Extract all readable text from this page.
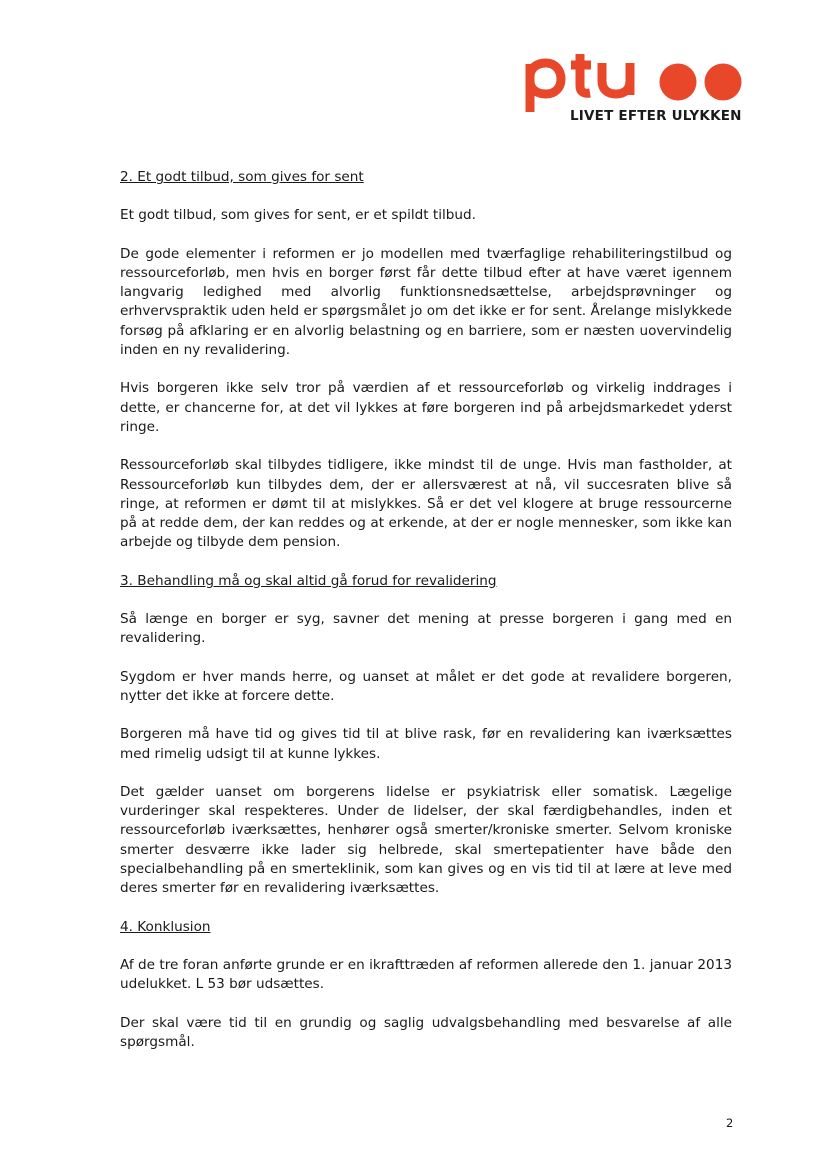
LIVET EFTER ULYKKEN
2. Et godt tilbud, som gives for sent

Et godt tilbud, som gives for sent, er et spildt tilbud.

De gode elementer i reformen er jo modellen med tværfaglige rehabiliteringstilbud og ressourceforløb, men hvis en borger først får dette tilbud efter at have været igennem langvarig ledighed med alvorlig funktionsnedsættelse, arbejdsprøvninger og erhvervspraktik uden held er spørgsmålet jo om det ikke er for sent. Årelange mislykkede forsøg på afklaring er en alvorlig belastning og en barriere, som er næsten uovervindelig inden en ny revalidering.

Hvis borgeren ikke selv tror på værdien af et ressourceforløb og virkelig inddrages i dette, er chancerne for, at det vil lykkes at føre borgeren ind på arbejdsmarkedet yderst ringe.

Ressourceforløb skal tilbydes tidligere, ikke mindst til de unge. Hvis man fastholder, at Ressourceforløb kun tilbydes dem, der er allersværest at nå, vil succesraten blive så ringe, at reformen er dømt til at mislykkes. Så er det vel klogere at bruge ressourcerne på at redde dem, der kan reddes og at erkende, at der er nogle mennesker, som ikke kan arbejde og tilbyde dem pension.

3. Behandling må og skal altid gå forud for revalidering

Så længe en borger er syg, savner det mening at presse borgeren i gang med en revalidering.

Sygdom er hver mands herre, og uanset at målet er det gode at revalidere borgeren, nytter det ikke at forcere dette.

Borgeren må have tid og gives tid til at blive rask, før en revalidering kan iværksættes med rimelig udsigt til at kunne lykkes.

Det gælder uanset om borgerens lidelse er psykiatrisk eller somatisk. Lægelige vurderinger skal respekteres. Under de lidelser, der skal færdigbehandles, inden et ressourceforløb iværksættes, henhører også smerter/kroniske smerter. Selvom kroniske smerter desværre ikke lader sig helbrede, skal smertepatienter have både den specialbehandling på en smerteklinik, som kan gives og en vis tid til at lære at leve med deres smerter før en revalidering iværksættes.

4. Konklusion

Af de tre foran anførte grunde er en ikrafttræden af reformen allerede den 1. januar 2013 udelukket. L 53 bør udsættes.

Der skal være tid til en grundig og saglig udvalgsbehandling med besvarelse af alle spørgsmål.

2
